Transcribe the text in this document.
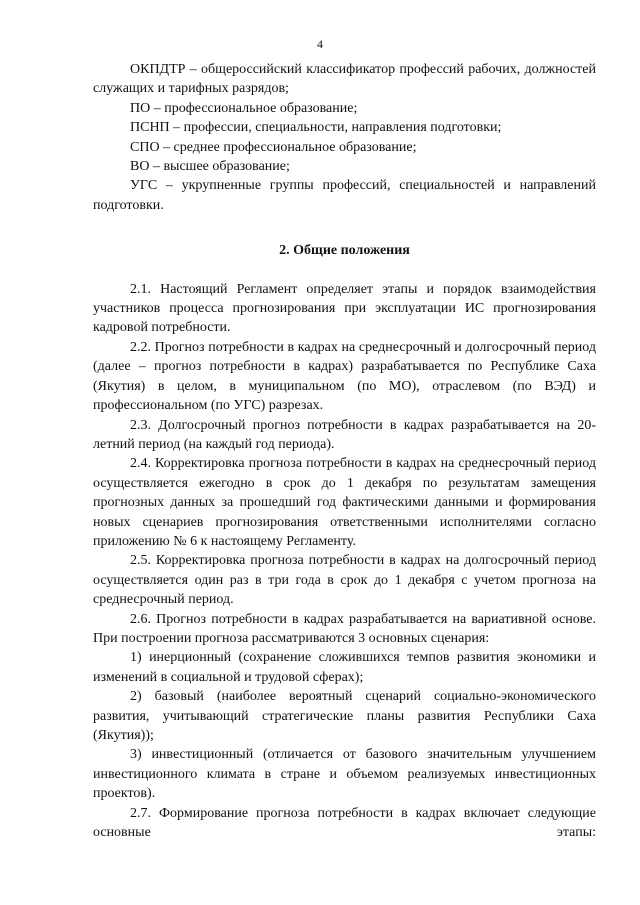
4

ОКПДТР – общероссийский классификатор профессий рабочих, должностей служащих и тарифных разрядов;

ПО – профессиональное образование;

ПСНП – профессии, специальности, направления подготовки;

СПО – среднее профессиональное образование;

ВО – высшее образование;

УГС – укрупненные группы профессий, специальностей и направлений подготовки.

2. Общие положения

2.1. Настоящий Регламент определяет этапы и порядок взаимодействия участников процесса прогнозирования при эксплуатации ИС прогнозирования кадровой потребности.

2.2. Прогноз потребности в кадрах на среднесрочный и долгосрочный период (далее – прогноз потребности в кадрах) разрабатывается по Республике Саха (Якутия) в целом, в муниципальном (по МО), отраслевом (по ВЭД) и профессиональном (по УГС) разрезах.

2.3. Долгосрочный прогноз потребности в кадрах разрабатывается на 20-летний период (на каждый год периода).

2.4. Корректировка прогноза потребности в кадрах на среднесрочный период осуществляется ежегодно в срок до 1 декабря по результатам замещения прогнозных данных за прошедший год фактическими данными и формирования новых сценариев прогнозирования ответственными исполнителями согласно приложению № 6 к настоящему Регламенту.

2.5. Корректировка прогноза потребности в кадрах на долгосрочный период осуществляется один раз в три года в срок до 1 декабря с учетом прогноза на среднесрочный период.

2.6. Прогноз потребности в кадрах разрабатывается на вариативной основе. При построении прогноза рассматриваются 3 основных сценария:

1) инерционный (сохранение сложившихся темпов развития экономики и изменений в социальной и трудовой сферах);

2) базовый (наиболее вероятный сценарий социально-экономического развития, учитывающий стратегические планы развития Республики Саха (Якутия));

3) инвестиционный (отличается от базового значительным улучшением инвестиционного климата в стране и объемом реализуемых инвестиционных проектов).

2.7. Формирование прогноза потребности в кадрах включает следующие основные этапы:
